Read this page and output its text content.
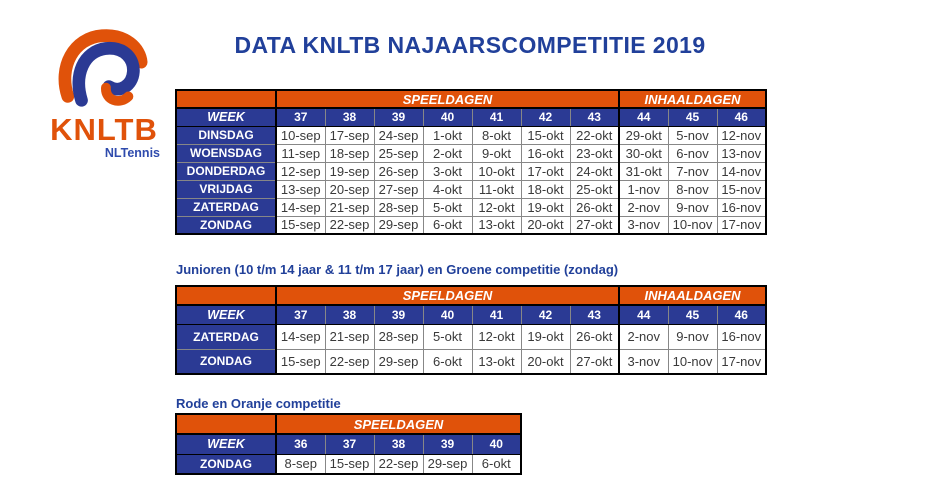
KNLTB
NLTennis
DATA KNLTB NAJAARSCOMPETITIE 2019
	SPEELDAGEN							INHAALDAGEN		
WEEK	37	38	39	40	41	42	43	44	45	46
DINSDAG	10-sep	17-sep	24-sep	1-okt	8-okt	15-okt	22-okt	29-okt	5-nov	12-nov
WOENSDAG	11-sep	18-sep	25-sep	2-okt	9-okt	16-okt	23-okt	30-okt	6-nov	13-nov
DONDERDAG	12-sep	19-sep	26-sep	3-okt	10-okt	17-okt	24-okt	31-okt	7-nov	14-nov
VRIJDAG	13-sep	20-sep	27-sep	4-okt	11-okt	18-okt	25-okt	1-nov	8-nov	15-nov
ZATERDAG	14-sep	21-sep	28-sep	5-okt	12-okt	19-okt	26-okt	2-nov	9-nov	16-nov
ZONDAG	15-sep	22-sep	29-sep	6-okt	13-okt	20-okt	27-okt	3-nov	10-nov	17-nov
Junioren (10 t/m 14 jaar & 11 t/m 17 jaar) en Groene competitie (zondag)
	SPEELDAGEN							INHAALDAGEN		
WEEK	37	38	39	40	41	42	43	44	45	46
ZATERDAG	14-sep	21-sep	28-sep	5-okt	12-okt	19-okt	26-okt	2-nov	9-nov	16-nov
ZONDAG	15-sep	22-sep	29-sep	6-okt	13-okt	20-okt	27-okt	3-nov	10-nov	17-nov
Rode en Oranje competitie
	SPEELDAGEN				
WEEK	36	37	38	39	40
ZONDAG	8-sep	15-sep	22-sep	29-sep	6-okt
